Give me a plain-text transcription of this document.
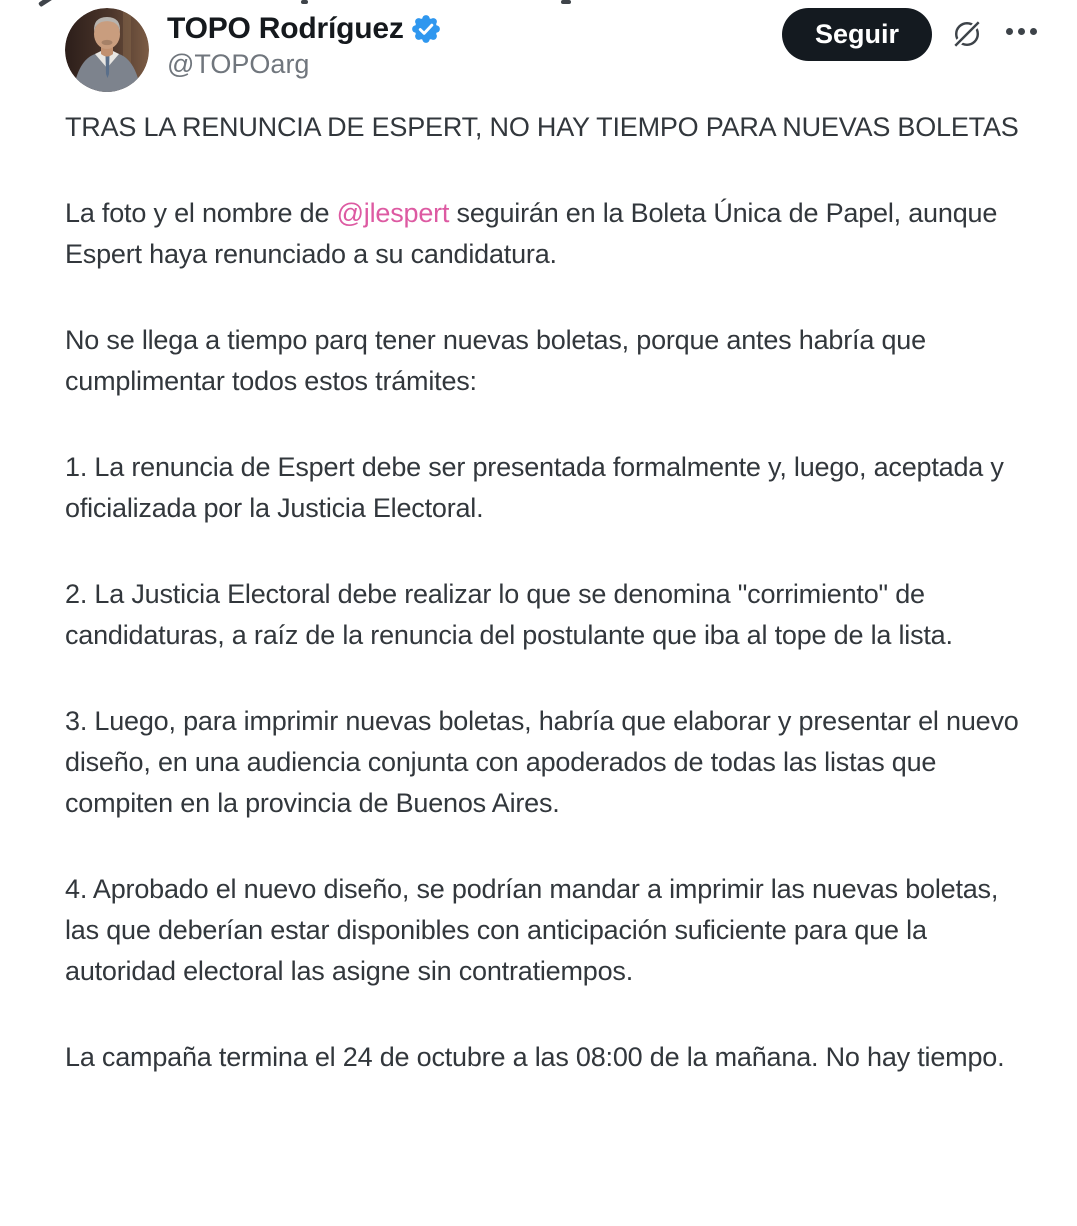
TOPO Rodríguez
@TOPOarg
Seguir

TRAS LA RENUNCIA DE ESPERT, NO HAY TIEMPO PARA NUEVAS BOLETAS

La foto y el nombre de @jlespert seguirán en la Boleta Única de Papel, aunque Espert haya renunciado a su candidatura.

No se llega a tiempo parq tener nuevas boletas, porque antes habría que cumplimentar todos estos trámites:

1. La renuncia de Espert debe ser presentada formalmente y, luego, aceptada y oficializada por la Justicia Electoral.

2. La Justicia Electoral debe realizar lo que se denomina "corrimiento" de candidaturas, a raíz de la renuncia del postulante que iba al tope de la lista.

3. Luego, para imprimir nuevas boletas, habría que elaborar y presentar el nuevo diseño, en una audiencia conjunta con apoderados de todas las listas que compiten en la provincia de Buenos Aires.

4. Aprobado el nuevo diseño, se podrían mandar a imprimir las nuevas boletas, las que deberían estar disponibles con anticipación suficiente para que la autoridad electoral las asigne sin contratiempos.

La campaña termina el 24 de octubre a las 08:00 de la mañana. No hay tiempo.
